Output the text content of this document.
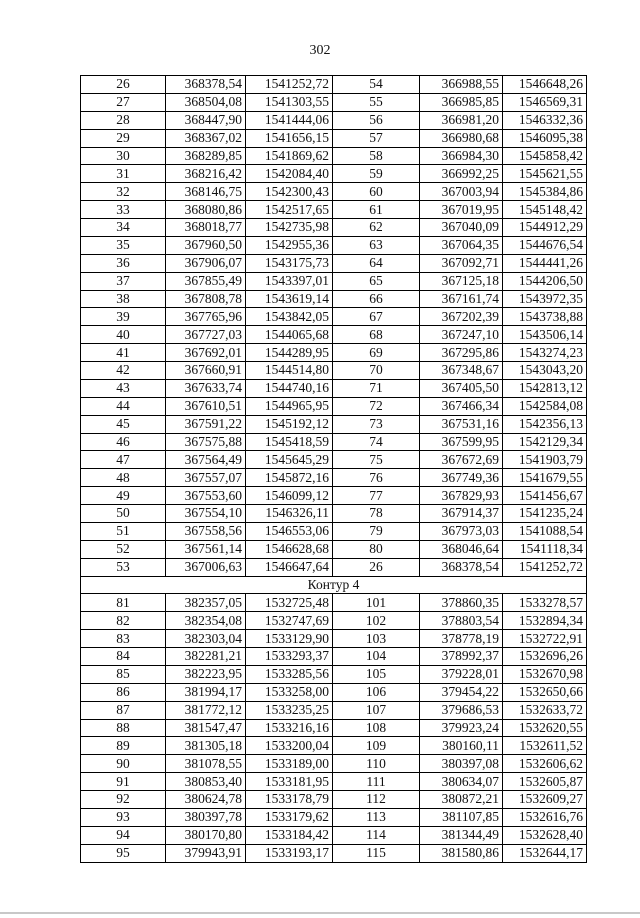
302
26	368378,54	1541252,72	54	366988,55	1546648,26
27	368504,08	1541303,55	55	366985,85	1546569,31
28	368447,90	1541444,06	56	366981,20	1546332,36
29	368367,02	1541656,15	57	366980,68	1546095,38
30	368289,85	1541869,62	58	366984,30	1545858,42
31	368216,42	1542084,40	59	366992,25	1545621,55
32	368146,75	1542300,43	60	367003,94	1545384,86
33	368080,86	1542517,65	61	367019,95	1545148,42
34	368018,77	1542735,98	62	367040,09	1544912,29
35	367960,50	1542955,36	63	367064,35	1544676,54
36	367906,07	1543175,73	64	367092,71	1544441,26
37	367855,49	1543397,01	65	367125,18	1544206,50
38	367808,78	1543619,14	66	367161,74	1543972,35
39	367765,96	1543842,05	67	367202,39	1543738,88
40	367727,03	1544065,68	68	367247,10	1543506,14
41	367692,01	1544289,95	69	367295,86	1543274,23
42	367660,91	1544514,80	70	367348,67	1543043,20
43	367633,74	1544740,16	71	367405,50	1542813,12
44	367610,51	1544965,95	72	367466,34	1542584,08
45	367591,22	1545192,12	73	367531,16	1542356,13
46	367575,88	1545418,59	74	367599,95	1542129,34
47	367564,49	1545645,29	75	367672,69	1541903,79
48	367557,07	1545872,16	76	367749,36	1541679,55
49	367553,60	1546099,12	77	367829,93	1541456,67
50	367554,10	1546326,11	78	367914,37	1541235,24
51	367558,56	1546553,06	79	367973,03	1541088,54
52	367561,14	1546628,68	80	368046,64	1541118,34
53	367006,63	1546647,64	26	368378,54	1541252,72
Контур 4					
81	382357,05	1532725,48	101	378860,35	1533278,57
82	382354,08	1532747,69	102	378803,54	1532894,34
83	382303,04	1533129,90	103	378778,19	1532722,91
84	382281,21	1533293,37	104	378992,37	1532696,26
85	382223,95	1533285,56	105	379228,01	1532670,98
86	381994,17	1533258,00	106	379454,22	1532650,66
87	381772,12	1533235,25	107	379686,53	1532633,72
88	381547,47	1533216,16	108	379923,24	1532620,55
89	381305,18	1533200,04	109	380160,11	1532611,52
90	381078,55	1533189,00	110	380397,08	1532606,62
91	380853,40	1533181,95	111	380634,07	1532605,87
92	380624,78	1533178,79	112	380872,21	1532609,27
93	380397,78	1533179,62	113	381107,85	1532616,76
94	380170,80	1533184,42	114	381344,49	1532628,40
95	379943,91	1533193,17	115	381580,86	1532644,17
